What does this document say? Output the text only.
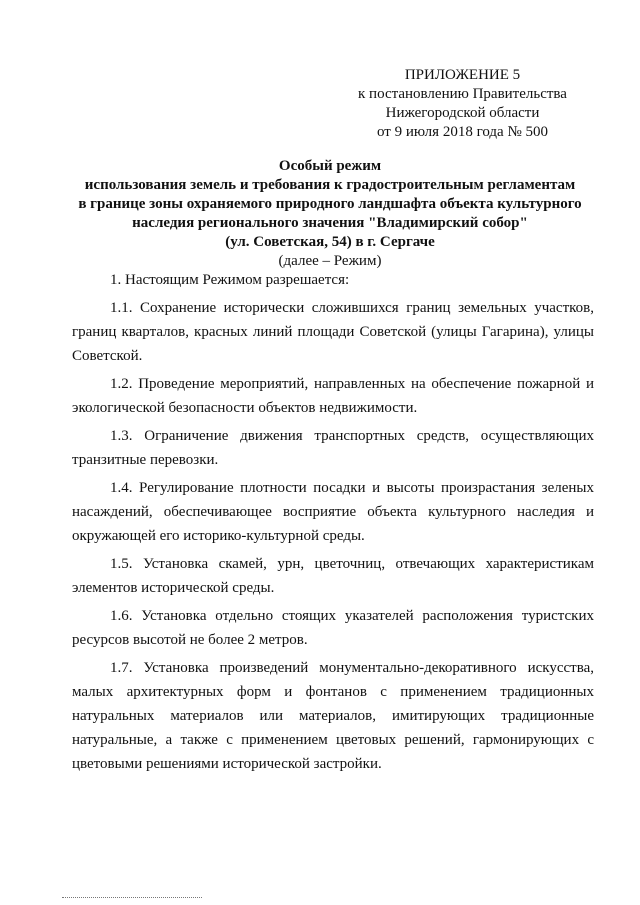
ПРИЛОЖЕНИЕ 5
к постановлению Правительства
Нижегородской области
от 9 июля 2018 года № 500
Особый режим
использования земель и требования к градостроительным регламентам
в границе зоны охраняемого природного ландшафта объекта культурного
наследия регионального значения "Владимирский собор"
(ул. Советская, 54) в г. Сергаче
(далее – Режим)

1. Настоящим Режимом разрешается:

1.1. Сохранение исторически сложившихся границ земельных участков, границ кварталов, красных линий площади Советской (улицы Гагарина), улицы Советской.

1.2. Проведение мероприятий, направленных на обеспечение пожарной и экологической безопасности объектов недвижимости.

1.3. Ограничение движения транспортных средств, осуществляющих транзитные перевозки.

1.4. Регулирование плотности посадки и высоты произрастания зеленых насаждений, обеспечивающее восприятие объекта культурного наследия и окружающей его историко-культурной среды.

1.5. Установка скамей, урн, цветочниц, отвечающих характеристикам элементов исторической среды.

1.6. Установка отдельно стоящих указателей расположения туристских ресурсов высотой не более 2 метров.

1.7. Установка произведений монументально-декоративного искусства, малых архитектурных форм и фонтанов с применением традиционных натуральных материалов или материалов, имитирующих традиционные натуральные, а также с применением цветовых решений, гармонирующих с цветовыми решениями исторической застройки.
